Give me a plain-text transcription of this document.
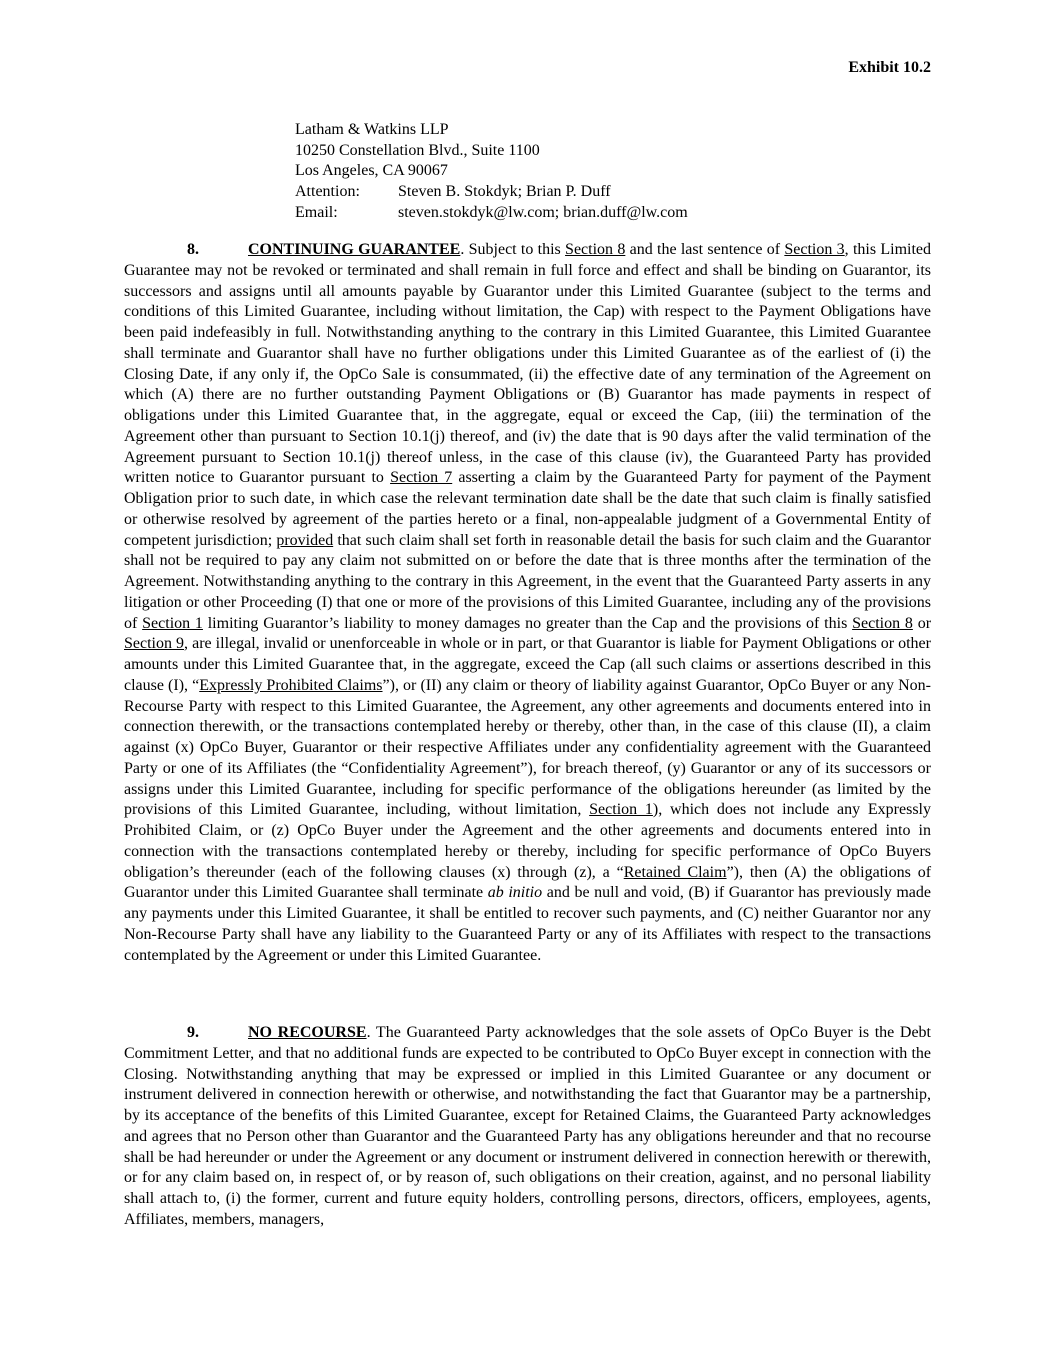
Exhibit 10.2
Latham & Watkins LLP
10250 Constellation Blvd., Suite 1100
Los Angeles, CA 90067
Attention: Steven B. Stokdyk; Brian P. Duff
Email:	steven.stokdyk@lw.com; brian.duff@lw.com
8.	CONTINUING GUARANTEE. Subject to this Section 8 and the last sentence of Section 3, this Limited Guarantee may not be revoked or terminated and shall remain in full force and effect and shall be binding on Guarantor, its successors and assigns until all amounts payable by Guarantor under this Limited Guarantee (subject to the terms and conditions of this Limited Guarantee, including without limitation, the Cap) with respect to the Payment Obligations have been paid indefeasibly in full. Notwithstanding anything to the contrary in this Limited Guarantee, this Limited Guarantee shall terminate and Guarantor shall have no further obligations under this Limited Guarantee as of the earliest of (i) the Closing Date, if any only if, the OpCo Sale is consummated, (ii) the effective date of any termination of the Agreement on which (A) there are no further outstanding Payment Obligations or (B) Guarantor has made payments in respect of obligations under this Limited Guarantee that, in the aggregate, equal or exceed the Cap, (iii) the termination of the Agreement other than pursuant to Section 10.1(j) thereof, and (iv) the date that is 90 days after the valid termination of the Agreement pursuant to Section 10.1(j) thereof unless, in the case of this clause (iv), the Guaranteed Party has provided written notice to Guarantor pursuant to Section 7 asserting a claim by the Guaranteed Party for payment of the Payment Obligation prior to such date, in which case the relevant termination date shall be the date that such claim is finally satisfied or otherwise resolved by agreement of the parties hereto or a final, non-appealable judgment of a Governmental Entity of competent jurisdiction; provided that such claim shall set forth in reasonable detail the basis for such claim and the Guarantor shall not be required to pay any claim not submitted on or before the date that is three months after the termination of the Agreement. Notwithstanding anything to the contrary in this Agreement, in the event that the Guaranteed Party asserts in any litigation or other Proceeding (I) that one or more of the provisions of this Limited Guarantee, including any of the provisions of Section 1 limiting Guarantor’s liability to money damages no greater than the Cap and the provisions of this Section 8 or Section 9, are illegal, invalid or unenforceable in whole or in part, or that Guarantor is liable for Payment Obligations or other amounts under this Limited Guarantee that, in the aggregate, exceed the Cap (all such claims or assertions described in this clause (I), “Expressly Prohibited Claims”), or (II) any claim or theory of liability against Guarantor, OpCo Buyer or any Non-Recourse Party with respect to this Limited Guarantee, the Agreement, any other agreements and documents entered into in connection therewith, or the transactions contemplated hereby or thereby, other than, in the case of this clause (II), a claim against (x) OpCo Buyer, Guarantor or their respective Affiliates under any confidentiality agreement with the Guaranteed Party or one of its Affiliates (the “Confidentiality Agreement”), for breach thereof, (y) Guarantor or any of its successors or assigns under this Limited Guarantee, including for specific performance of the obligations hereunder (as limited by the provisions of this Limited Guarantee, including, without limitation, Section 1), which does not include any Expressly Prohibited Claim, or (z) OpCo Buyer under the Agreement and the other agreements and documents entered into in connection with the transactions contemplated hereby or thereby, including for specific performance of OpCo Buyers obligation’s thereunder (each of the following clauses (x) through (z), a “Retained Claim”), then (A) the obligations of Guarantor under this Limited Guarantee shall terminate ab initio and be null and void, (B) if Guarantor has previously made any payments under this Limited Guarantee, it shall be entitled to recover such payments, and (C) neither Guarantor nor any Non-Recourse Party shall have any liability to the Guaranteed Party or any of its Affiliates with respect to the transactions contemplated by the Agreement or under this Limited Guarantee.
9.	NO RECOURSE. The Guaranteed Party acknowledges that the sole assets of OpCo Buyer is the Debt Commitment Letter, and that no additional funds are expected to be contributed to OpCo Buyer except in connection with the Closing. Notwithstanding anything that may be expressed or implied in this Limited Guarantee or any document or instrument delivered in connection herewith or otherwise, and notwithstanding the fact that Guarantor may be a partnership, by its acceptance of the benefits of this Limited Guarantee, except for Retained Claims, the Guaranteed Party acknowledges and agrees that no Person other than Guarantor and the Guaranteed Party has any obligations hereunder and that no recourse shall be had hereunder or under the Agreement or any document or instrument delivered in connection herewith or therewith, or for any claim based on, in respect of, or by reason of, such obligations on their creation, against, and no personal liability shall attach to, (i) the former, current and future equity holders, controlling persons, directors, officers, employees, agents, Affiliates, members, managers,
